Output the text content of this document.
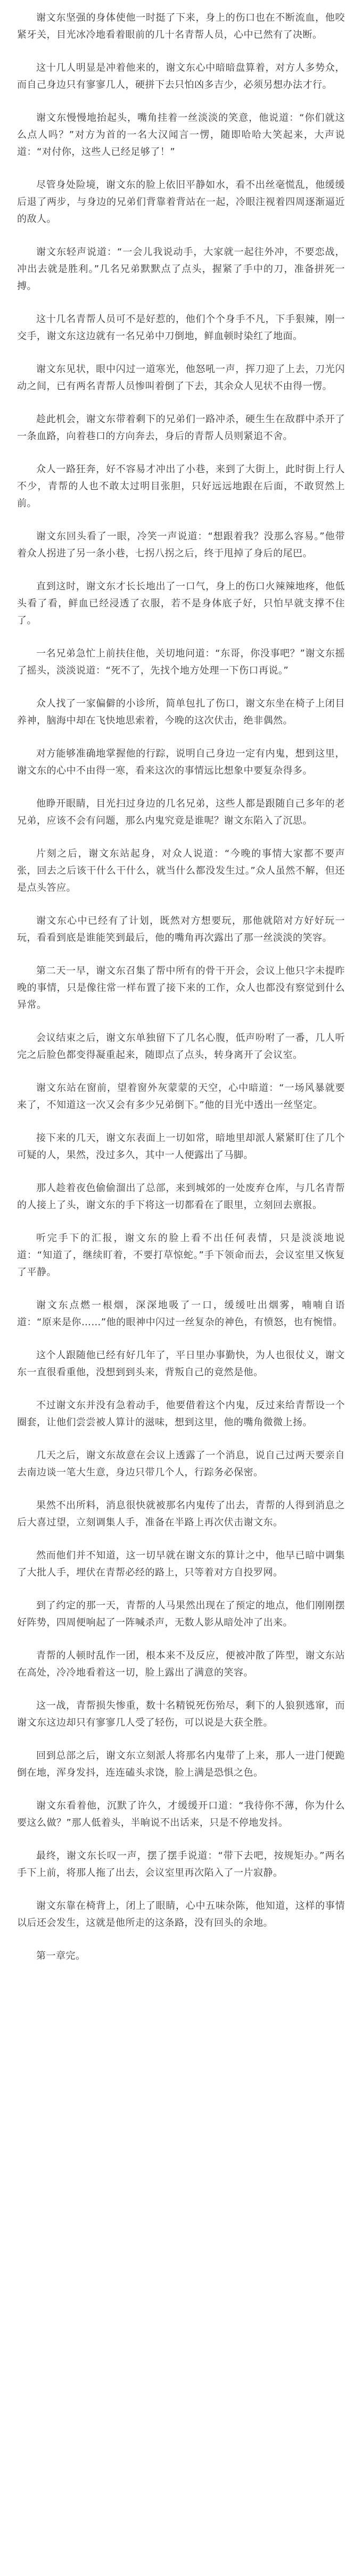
谢文东坚强的身体使他一时挺了下来，身上的伤口也在不断流血，他咬紧牙关，目光冰冷地看着眼前的几十名青帮人员，心中已然有了决断。

这十几人明显是冲着他来的，谢文东心中暗暗盘算着，对方人多势众，而自己身边只有寥寥几人，硬拼下去只怕凶多吉少，必须另想办法才行。

谢文东慢慢地抬起头，嘴角挂着一丝淡淡的笑意，他说道：“你们就这么点人吗？”对方为首的一名大汉闻言一愣，随即哈哈大笑起来，大声说道：“对付你，这些人已经足够了！”

尽管身处险境，谢文东的脸上依旧平静如水，看不出丝毫慌乱，他缓缓后退了两步，与身边的兄弟们背靠着背站在一起，冷眼注视着四周逐渐逼近的敌人。

谢文东轻声说道：“一会儿我说动手，大家就一起往外冲，不要恋战，冲出去就是胜利。”几名兄弟默默点了点头，握紧了手中的刀，准备拼死一搏。

这十几名青帮人员可不是好惹的，他们个个身手不凡，下手狠辣，刚一交手，谢文东这边就有一名兄弟中刀倒地，鲜血顿时染红了地面。

谢文东见状，眼中闪过一道寒光，他怒吼一声，挥刀迎了上去，刀光闪动之间，已有两名青帮人员惨叫着倒了下去，其余众人见状不由得一愣。

趁此机会，谢文东带着剩下的兄弟们一路冲杀，硬生生在敌群中杀开了一条血路，向着巷口的方向奔去，身后的青帮人员则紧追不舍。

众人一路狂奔，好不容易才冲出了小巷，来到了大街上，此时街上行人不少，青帮的人也不敢太过明目张胆，只好远远地跟在后面，不敢贸然上前。

谢文东回头看了一眼，冷笑一声说道：“想跟着我？没那么容易。”他带着众人拐进了另一条小巷，七拐八拐之后，终于甩掉了身后的尾巴。

直到这时，谢文东才长长地出了一口气，身上的伤口火辣辣地疼，他低头看了看，鲜血已经浸透了衣服，若不是身体底子好，只怕早就支撑不住了。

一名兄弟急忙上前扶住他，关切地问道：“东哥，你没事吧？”谢文东摇了摇头，淡淡说道：“死不了，先找个地方处理一下伤口再说。”

众人找了一家偏僻的小诊所，简单包扎了伤口，谢文东坐在椅子上闭目养神，脑海中却在飞快地思索着，今晚的这次伏击，绝非偶然。

对方能够准确地掌握他的行踪，说明自己身边一定有内鬼，想到这里，谢文东的心中不由得一寒，看来这次的事情远比想象中要复杂得多。

他睁开眼睛，目光扫过身边的几名兄弟，这些人都是跟随自己多年的老兄弟，应该不会有问题，那么内鬼究竟是谁呢？谢文东陷入了沉思。

片刻之后，谢文东站起身，对众人说道：“今晚的事情大家都不要声张，回去之后该干什么干什么，就当什么都没发生过。”众人虽然不解，但还是点头答应。

谢文东心中已经有了计划，既然对方想要玩，那他就陪对方好好玩一玩，看看到底是谁能笑到最后，他的嘴角再次露出了那一丝淡淡的笑容。

第二天一早，谢文东召集了帮中所有的骨干开会，会议上他只字未提昨晚的事情，只是像往常一样布置了接下来的工作，众人也都没有察觉到什么异常。

会议结束之后，谢文东单独留下了几名心腹，低声吩咐了一番，几人听完之后脸色都变得凝重起来，随即点了点头，转身离开了会议室。

谢文东站在窗前，望着窗外灰蒙蒙的天空，心中暗道：“一场风暴就要来了，不知道这一次又会有多少兄弟倒下。”他的目光中透出一丝坚定。

接下来的几天，谢文东表面上一切如常，暗地里却派人紧紧盯住了几个可疑的人，果然，没过多久，其中一人便露出了马脚。

那人趁着夜色偷偷溜出了总部，来到城郊的一处废弃仓库，与几名青帮的人接上了头，谢文东的手下将这一切都看在了眼里，立刻回去禀报。

听完手下的汇报，谢文东的脸上看不出任何表情，只是淡淡地说道：“知道了，继续盯着，不要打草惊蛇。”手下领命而去，会议室里又恢复了平静。

谢文东点燃一根烟，深深地吸了一口，缓缓吐出烟雾，喃喃自语道：“原来是你……”他的眼神中闪过一丝复杂的神色，有愤怒，也有惋惜。

这个人跟随他已经有好几年了，平日里办事勤快，为人也很仗义，谢文东一直很看重他，没想到到头来，背叛自己的竟然是他。

不过谢文东并没有急着动手，他要借着这个内鬼，反过来给青帮设一个圈套，让他们尝尝被人算计的滋味，想到这里，他的嘴角微微上扬。

几天之后，谢文东故意在会议上透露了一个消息，说自己过两天要亲自去南边谈一笔大生意，身边只带几个人，行踪务必保密。

果然不出所料，消息很快就被那名内鬼传了出去，青帮的人得到消息之后大喜过望，立刻调集人手，准备在半路上再次伏击谢文东。

然而他们并不知道，这一切早就在谢文东的算计之中，他早已暗中调集了大批人手，埋伏在青帮必经的路上，只等着对方自投罗网。

到了约定的那一天，青帮的人马果然出现在了预定的地点，他们刚刚摆好阵势，四周便响起了一阵喊杀声，无数人影从暗处冲了出来。

青帮的人顿时乱作一团，根本来不及反应，便被冲散了阵型，谢文东站在高处，冷冷地看着这一切，脸上露出了满意的笑容。

这一战，青帮损失惨重，数十名精锐死伤殆尽，剩下的人狼狈逃窜，而谢文东这边却只有寥寥几人受了轻伤，可以说是大获全胜。

回到总部之后，谢文东立刻派人将那名内鬼带了上来，那人一进门便跪倒在地，浑身发抖，连连磕头求饶，脸上满是恐惧之色。

谢文东看着他，沉默了许久，才缓缓开口道：“我待你不薄，你为什么要这么做？”那人低着头，半晌说不出话来，只是不停地发抖。

最终，谢文东长叹一声，摆了摆手说道：“带下去吧，按规矩办。”两名手下上前，将那人拖了出去，会议室里再次陷入了一片寂静。

谢文东靠在椅背上，闭上了眼睛，心中五味杂陈，他知道，这样的事情以后还会发生，这就是他所走的这条路，没有回头的余地。

第一章完。
